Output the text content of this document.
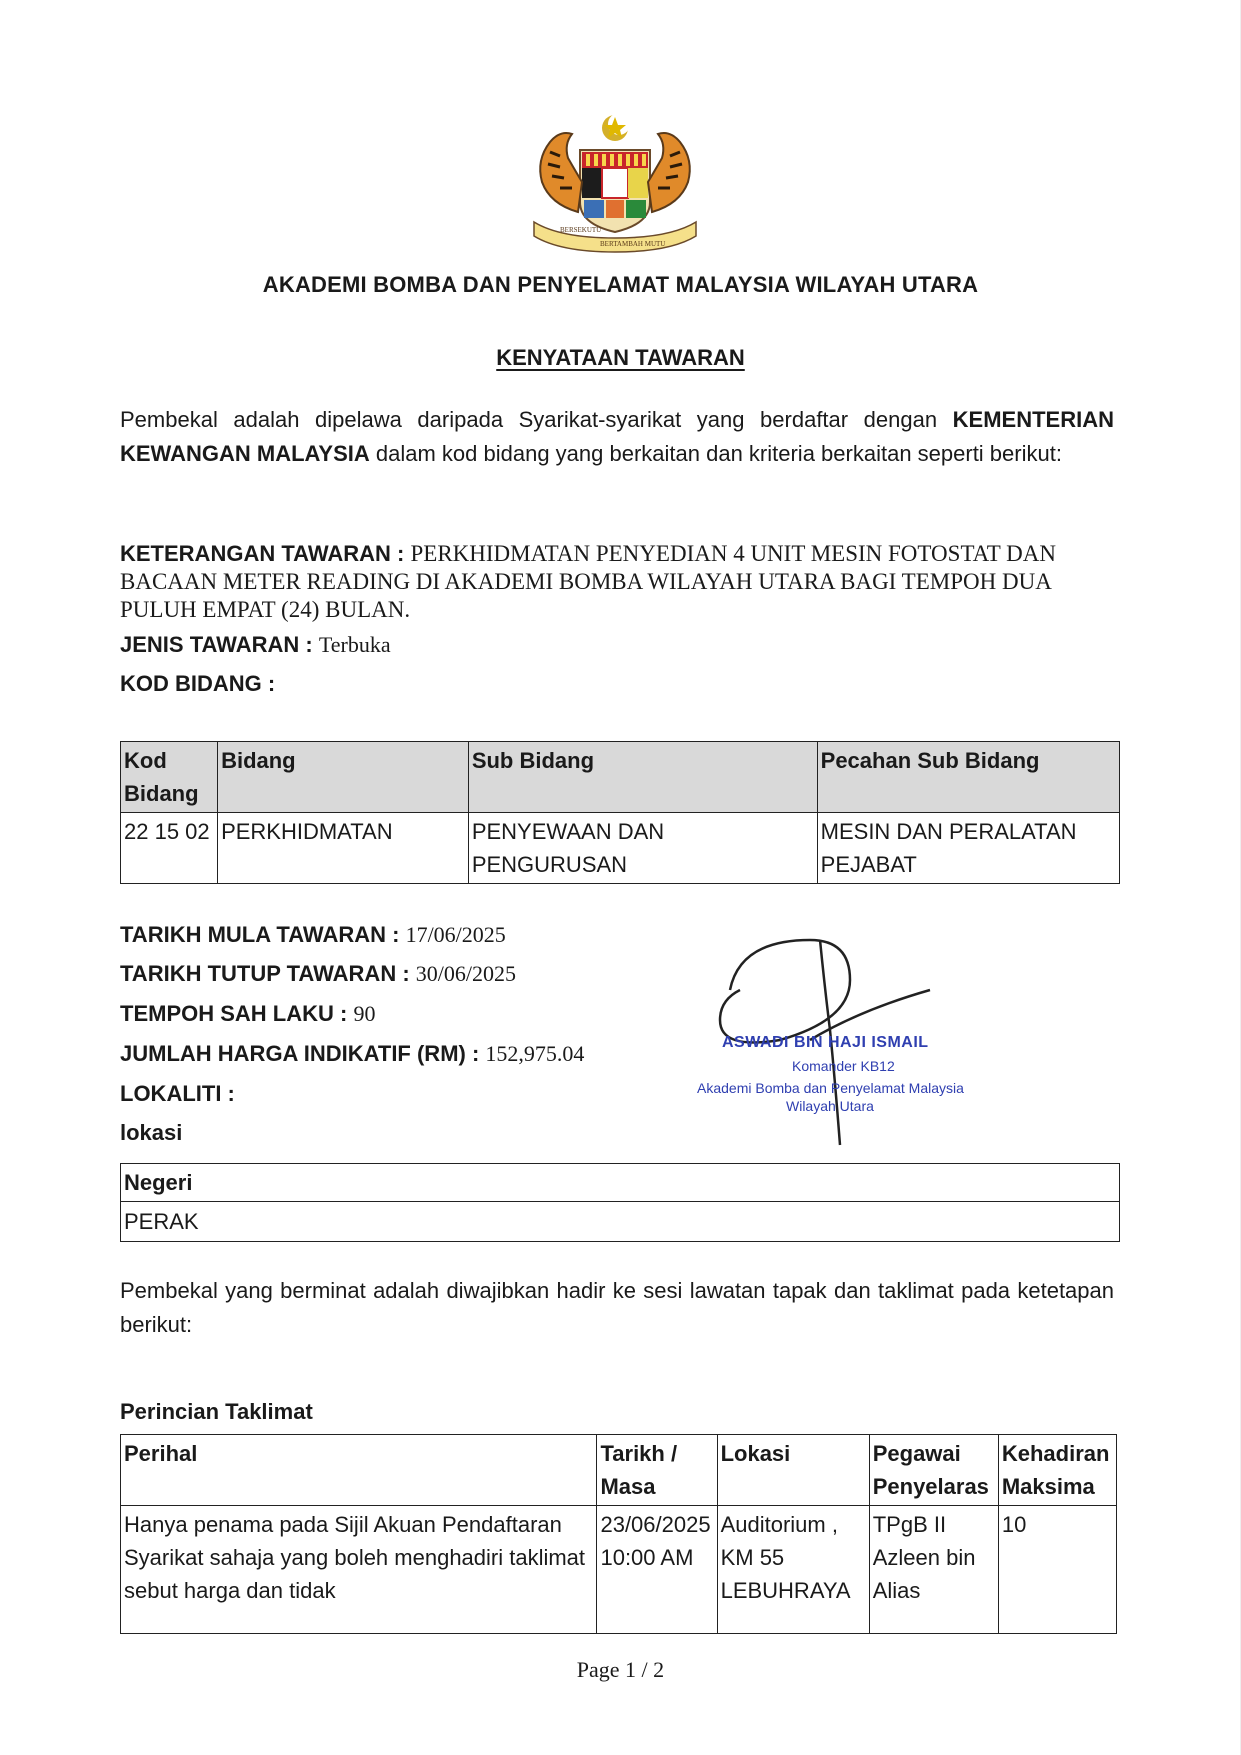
BERSEKUTU
BERTAMBAH MUTU
AKADEMI BOMBA DAN PENYELAMAT MALAYSIA WILAYAH UTARA
KENYATAAN TAWARAN
Pembekal adalah dipelawa daripada Syarikat-syarikat yang berdaftar dengan KEMENTERIAN KEWANGAN MALAYSIA dalam kod bidang yang berkaitan dan kriteria berkaitan seperti berikut:
KETERANGAN TAWARAN : PERKHIDMATAN PENYEDIAN 4 UNIT MESIN FOTOSTAT DAN BACAAN METER READING DI AKADEMI BOMBA WILAYAH UTARA BAGI TEMPOH DUA PULUH EMPAT (24) BULAN.
JENIS TAWARAN : Terbuka
KOD BIDANG :
Kod Bidang	Bidang	Sub Bidang	Pecahan Sub Bidang
22 15 02	PERKHIDMATAN	PENYEWAAN DAN PENGURUSAN	MESIN DAN PERALATAN PEJABAT
TARIKH MULA TAWARAN : 17/06/2025
TARIKH TUTUP TAWARAN : 30/06/2025
TEMPOH SAH LAKU : 90
JUMLAH HARGA INDIKATIF (RM) : 152,975.04
LOKALITI :
ASWADI BIN HAJI ISMAIL
Komander KB12
Akademi Bomba dan Penyelamat Malaysia
Wilayah Utara
lokasi
Negeri
PERAK
Pembekal yang berminat adalah diwajibkan hadir ke sesi lawatan tapak dan taklimat pada ketetapan berikut:
Perincian Taklimat
Perihal	Tarikh / Masa	Lokasi	Pegawai Penyelaras	Kehadiran Maksima
Hanya penama pada Sijil Akuan Pendaftaran Syarikat sahaja yang boleh menghadiri taklimat sebut harga dan tidak	23/06/2025 10:00 AM	Auditorium , KM 55 LEBUHRAYA	TPgB II Azleen bin Alias	10
Page 1 / 2
